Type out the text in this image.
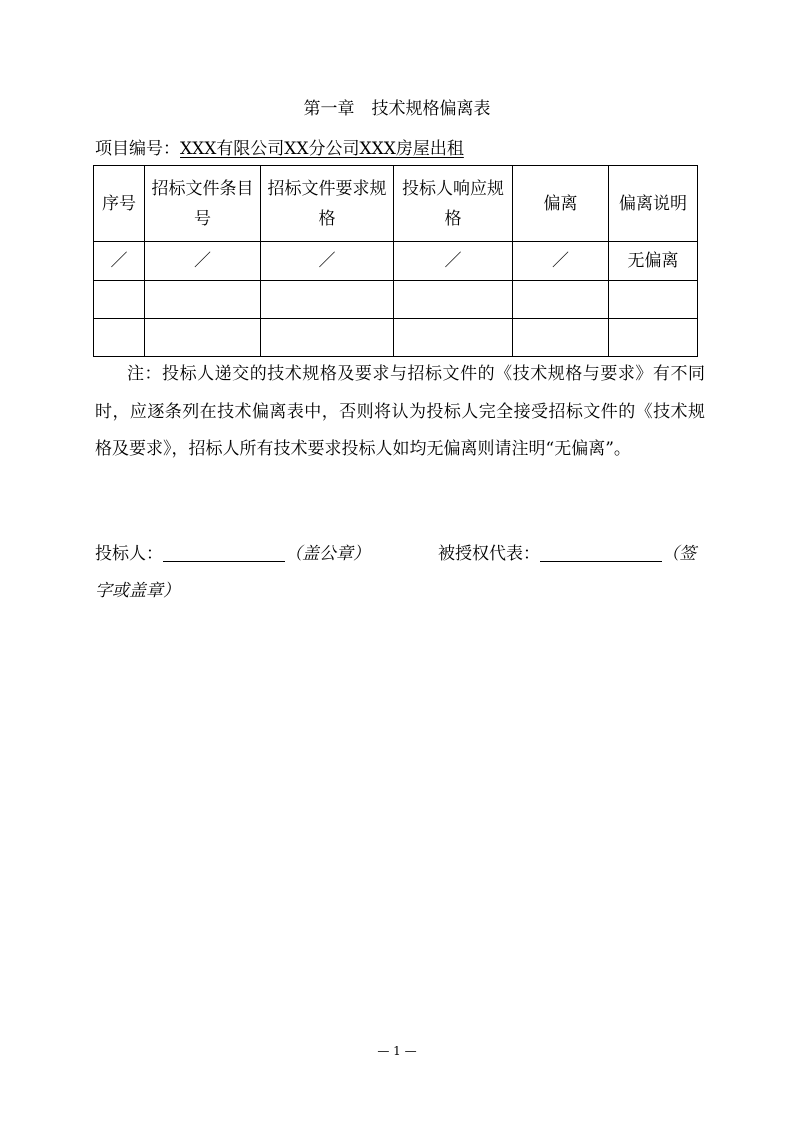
第一章　技术规格偏离表
项目编号：XXX有限公司XX分公司XXX房屋出租
序号	招标文件条目号	招标文件要求规格	投标人响应规格	偏离	偏离说明
／	／	／	／	／	无偏离

注：投标人递交的技术规格及要求与招标文件的《技术规格与要求》有不同时，应逐条列在技术偏离表中，否则将认为投标人完全接受招标文件的《技术规格及要求》，招标人所有技术要求投标人如均无偏离则请注明“无偏离”。
投标人：	（盖公章）	被授权代表：	（签
字或盖章）
— 1 —
